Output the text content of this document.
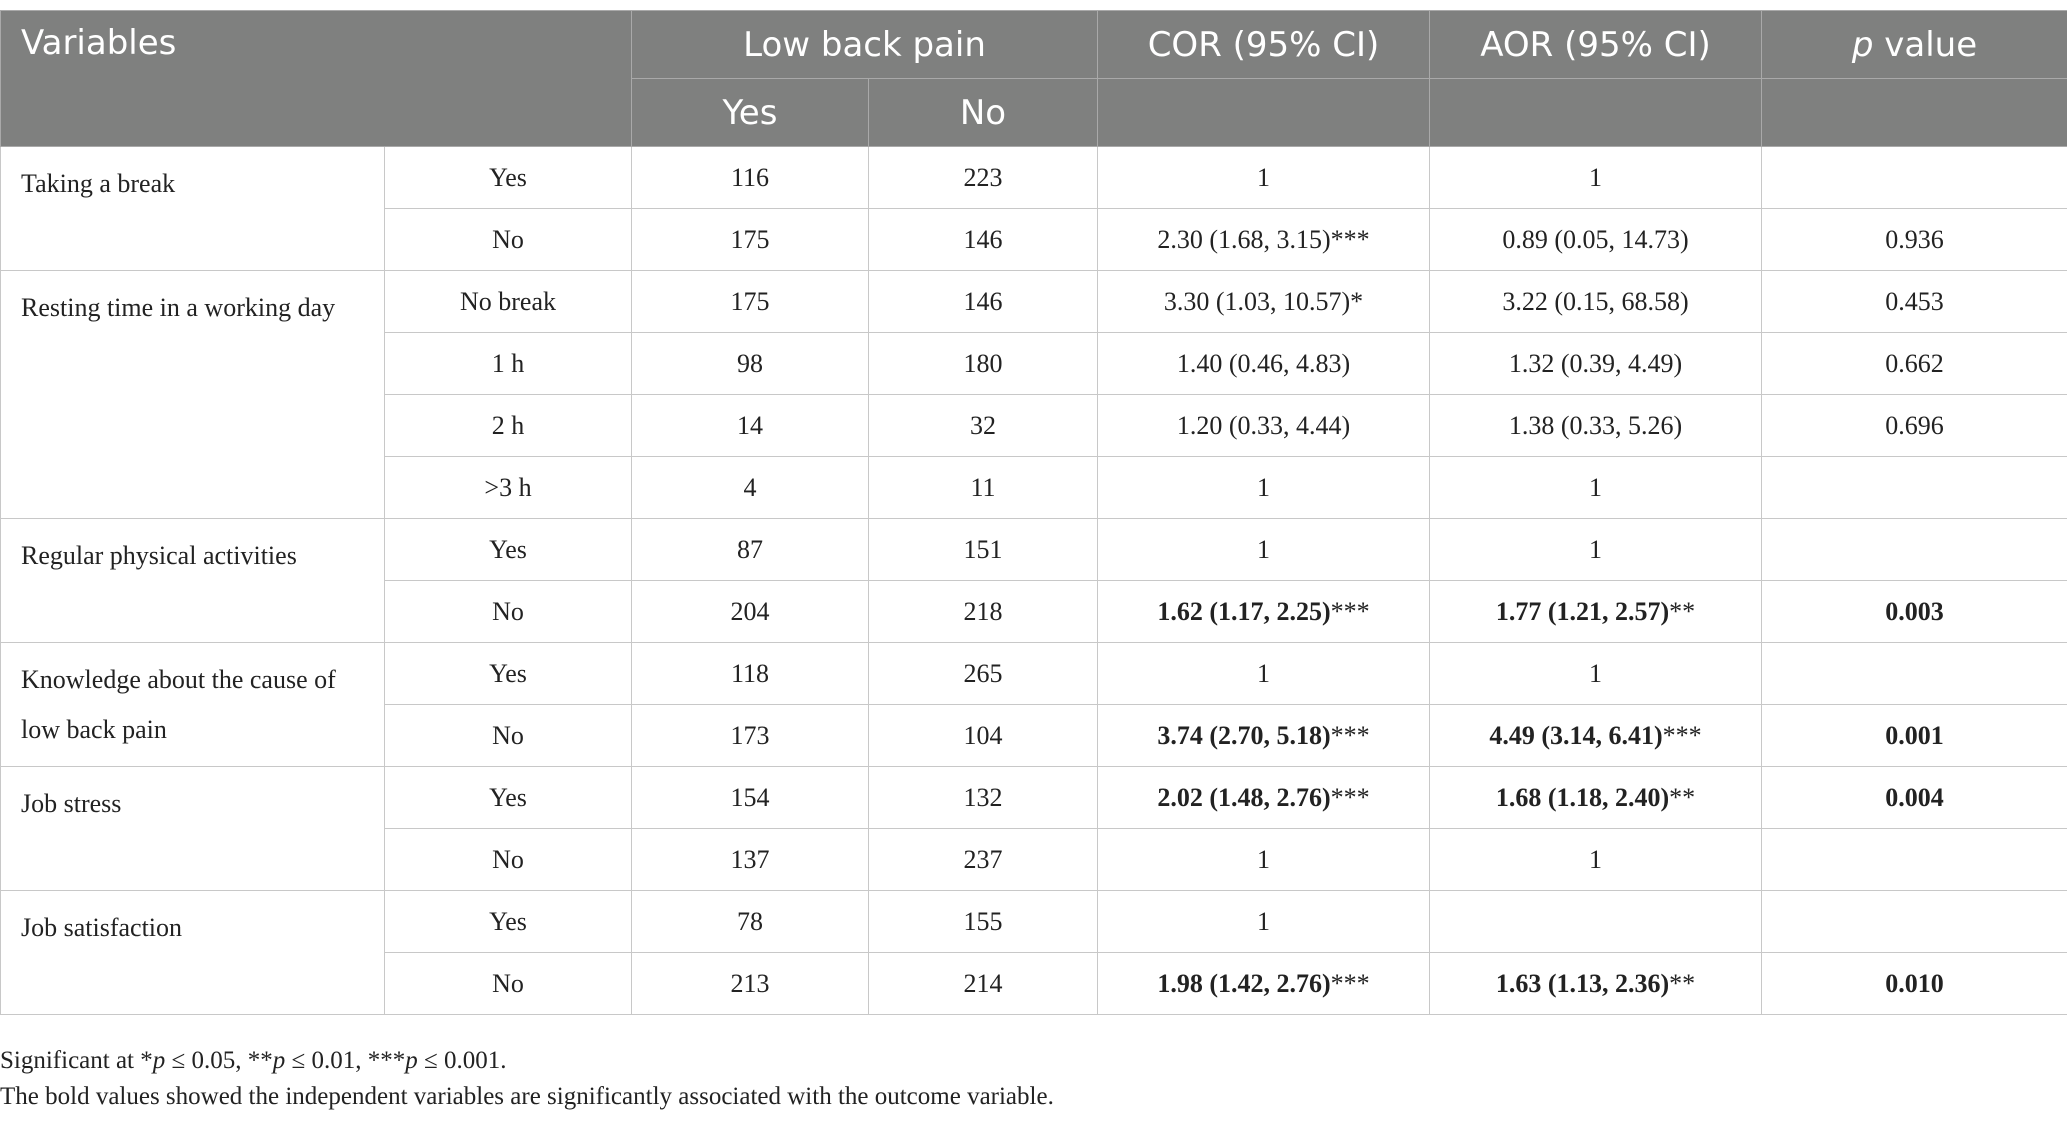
Variables		Low back pain		COR (95% CI)	AOR (95% CI)	p value
		Yes	No			
Taking a break	Yes	116	223	1	1	
	No	175	146	2.30 (1.68, 3.15)***	0.89 (0.05, 14.73)	0.936
Resting time in a working day	No break	175	146	3.30 (1.03, 10.57)*	3.22 (0.15, 68.58)	0.453
	1 h	98	180	1.40 (0.46, 4.83)	1.32 (0.39, 4.49)	0.662
	2 h	14	32	1.20 (0.33, 4.44)	1.38 (0.33, 5.26)	0.696
	>3 h	4	11	1	1	
Regular physical activities	Yes	87	151	1	1	
	No	204	218	1.62 (1.17, 2.25)***	1.77 (1.21, 2.57)**	0.003
Knowledge about the cause of low back pain	Yes	118	265	1	1	
	No	173	104	3.74 (2.70, 5.18)***	4.49 (3.14, 6.41)***	0.001
Job stress	Yes	154	132	2.02 (1.48, 2.76)***	1.68 (1.18, 2.40)**	0.004
	No	137	237	1	1	
Job satisfaction	Yes	78	155	1		
	No	213	214	1.98 (1.42, 2.76)***	1.63 (1.13, 2.36)**	0.010
Significant at *p ≤ 0.05, **p ≤ 0.01, ***p ≤ 0.001.
The bold values showed the independent variables are significantly associated with the outcome variable.
